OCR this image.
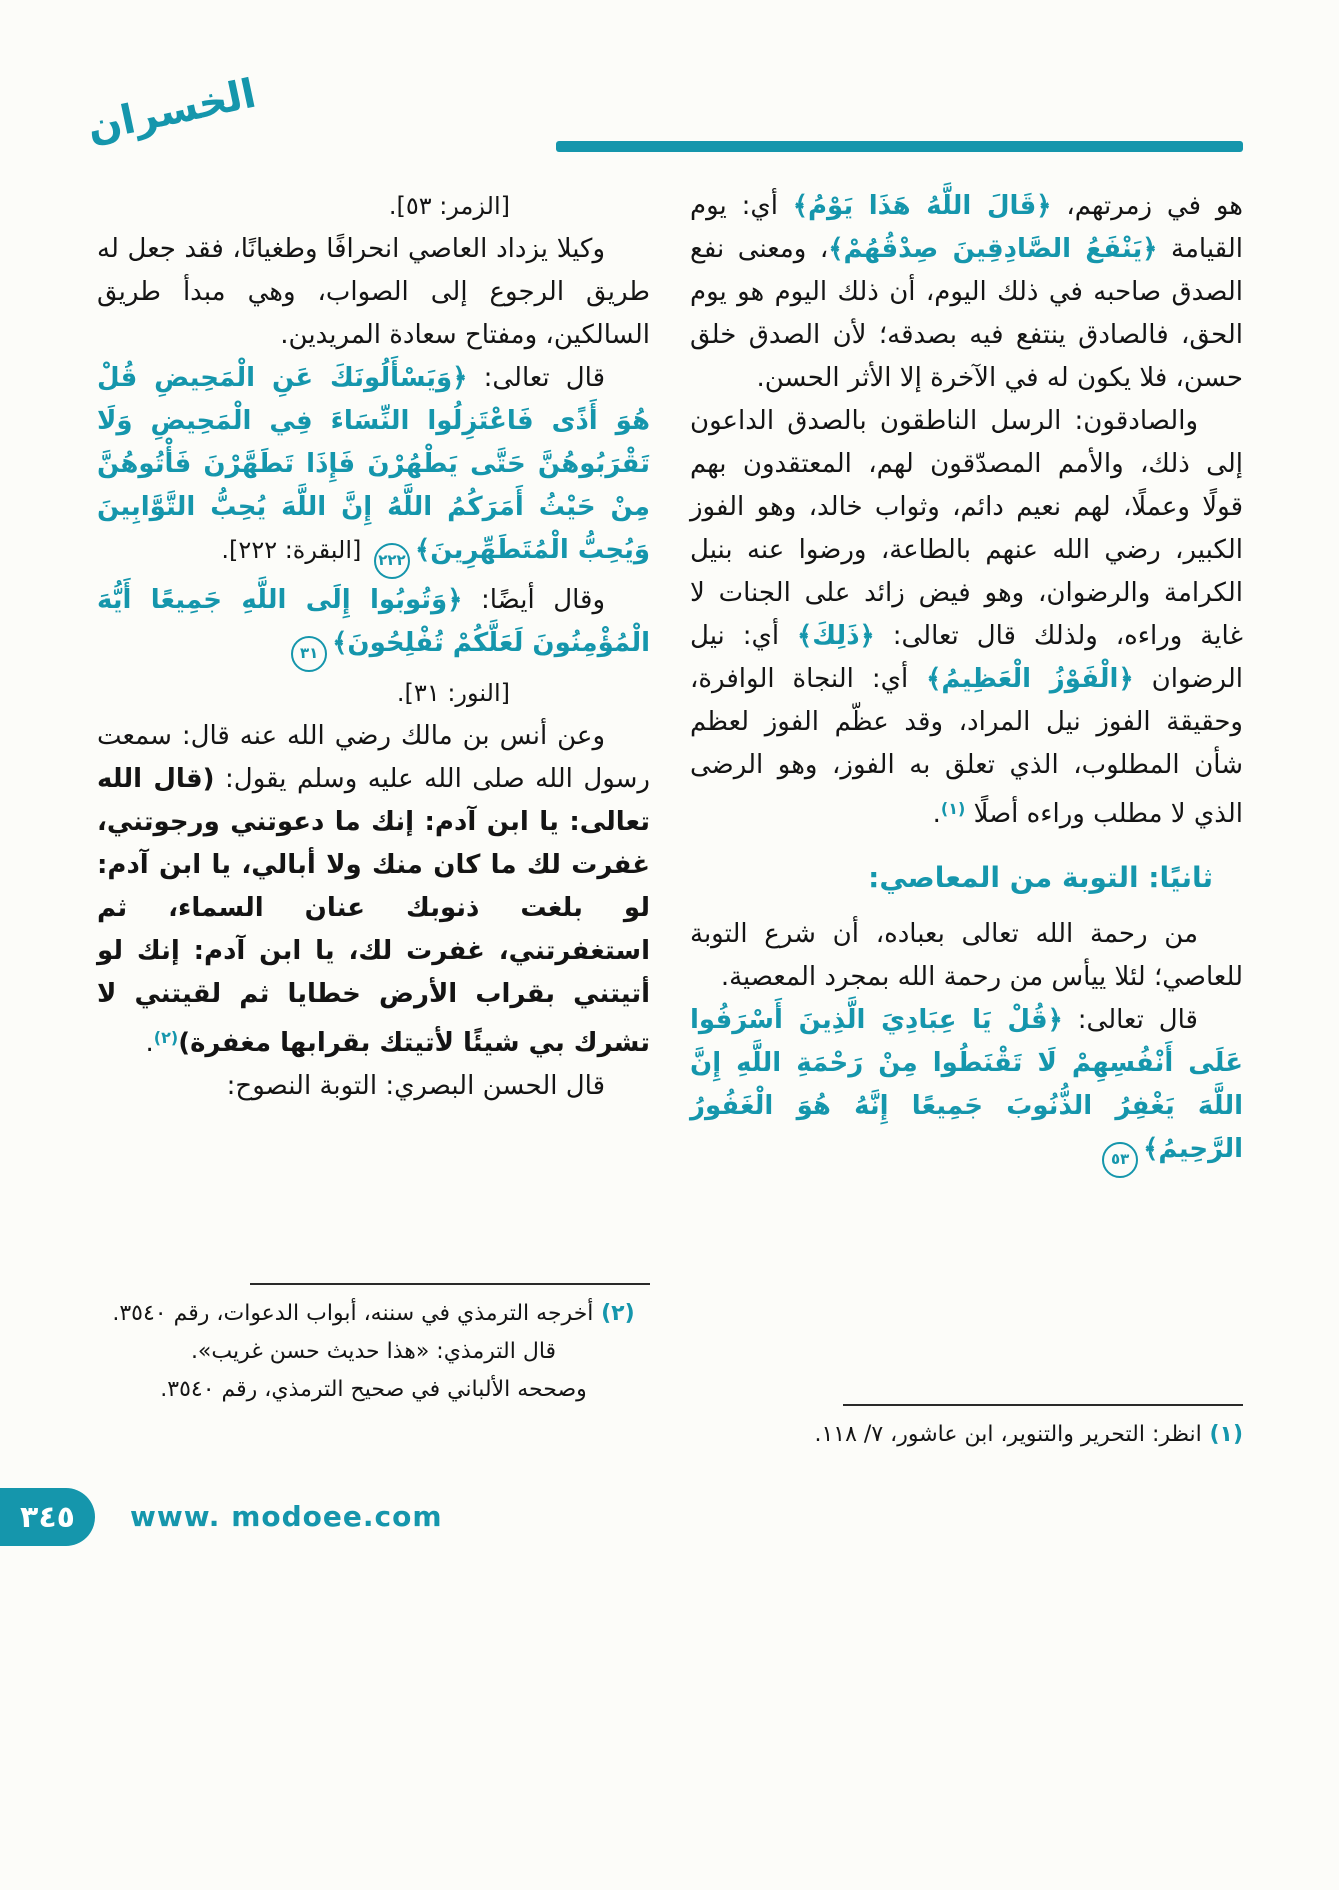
الخسران

هو في زمرتهم، ﴿قَالَ اللَّهُ هَذَا يَوْمُ﴾ أي: يوم القيامة ﴿يَنْفَعُ الصَّادِقِينَ صِدْقُهُمْ﴾، ومعنى نفع الصدق صاحبه في ذلك اليوم، أن ذلك اليوم هو يوم الحق، فالصادق ينتفع فيه بصدقه؛ لأن الصدق خلق حسن، فلا يكون له في الآخرة إلا الأثر الحسن.

والصادقون: الرسل الناطقون بالصدق الداعون إلى ذلك، والأمم المصدّقون لهم، المعتقدون بهم قولًا وعملًا، لهم نعيم دائم، وثواب خالد، وهو الفوز الكبير، رضي الله عنهم بالطاعة، ورضوا عنه بنيل الكرامة والرضوان، وهو فيض زائد على الجنات لا غاية وراءه، ولذلك قال تعالى: ﴿ذَلِكَ﴾ أي: نيل الرضوان ﴿الْفَوْزُ الْعَظِيمُ﴾ أي: النجاة الوافرة، وحقيقة الفوز نيل المراد، وقد عظّم الفوز لعظم شأن المطلوب، الذي تعلق به الفوز، وهو الرضى الذي لا مطلب وراءه أصلًا $^{(١)}$.

ثانيًا: التوبة من المعاصي:

من رحمة الله تعالى بعباده، أن شرع التوبة للعاصي؛ لئلا ييأس من رحمة الله بمجرد المعصية.

قال تعالى: ﴿قُلْ يَا عِبَادِيَ الَّذِينَ أَسْرَفُوا عَلَى أَنْفُسِهِمْ لَا تَقْنَطُوا مِنْ رَحْمَةِ اللَّهِ إِنَّ اللَّهَ يَغْفِرُ الذُّنُوبَ جَمِيعًا إِنَّهُ هُوَ الْغَفُورُ الرَّحِيمُ﴾٥٣

[الزمر: ٥٣].

وكيلا يزداد العاصي انحرافًا وطغيانًا، فقد جعل له طريق الرجوع إلى الصواب، وهي مبدأ طريق السالكين، ومفتاح سعادة المريدين.

قال تعالى: ﴿وَيَسْأَلُونَكَ عَنِ الْمَحِيضِ قُلْ هُوَ أَذًى فَاعْتَزِلُوا النِّسَاءَ فِي الْمَحِيضِ وَلَا تَقْرَبُوهُنَّ حَتَّى يَطْهُرْنَ فَإِذَا تَطَهَّرْنَ فَأْتُوهُنَّ مِنْ حَيْثُ أَمَرَكُمُ اللَّهُ إِنَّ اللَّهَ يُحِبُّ التَّوَّابِينَ وَيُحِبُّ الْمُتَطَهِّرِينَ﴾٢٢٢ [البقرة: ٢٢٢].

وقال أيضًا: ﴿وَتُوبُوا إِلَى اللَّهِ جَمِيعًا أَيُّهَ الْمُؤْمِنُونَ لَعَلَّكُمْ تُفْلِحُونَ﴾٣١

[النور: ٣١].

وعن أنس بن مالك رضي الله عنه قال: سمعت رسول الله صلى الله عليه وسلم يقول: (قال الله تعالى: يا ابن آدم: إنك ما دعوتني ورجوتني، غفرت لك ما كان منك ولا أبالي، يا ابن آدم: لو بلغت ذنوبك عنان السماء، ثم استغفرتني، غفرت لك، يا ابن آدم: إنك لو أتيتني بقراب الأرض خطايا ثم لقيتني لا تشرك بي شيئًا لأتيتك بقرابها مغفرة)$^{(٢)}$.

قال الحسن البصري: التوبة النصوح:

(٢) أخرجه الترمذي في سننه، أبواب الدعوات، رقم ٣٥٤٠.

قال الترمذي: «هذا حديث حسن غريب».

وصححه الألباني في صحيح الترمذي، رقم ٣٥٤٠.

(١) انظر: التحرير والتنوير، ابن عاشور، ٧/ ١١٨.

٣٤٥	www. modoee.com
